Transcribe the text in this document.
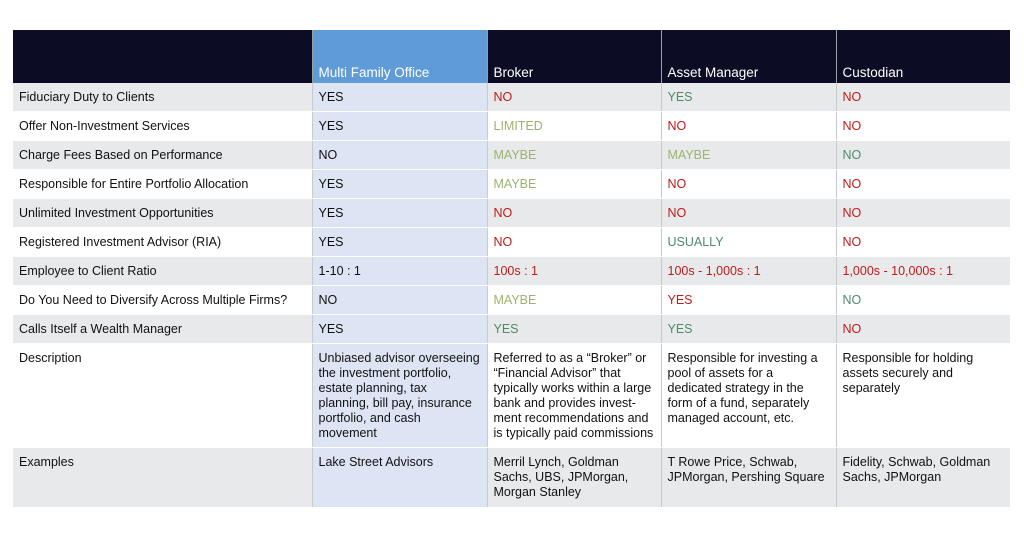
	Multi Family Office	Broker	Asset Manager	Custodian
Fiduciary Duty to Clients	YES	NO	YES	NO
Offer Non-Investment Services	YES	LIMITED	NO	NO
Charge Fees Based on Performance	NO	MAYBE	MAYBE	NO
Responsible for Entire Portfolio Allocation	YES	MAYBE	NO	NO
Unlimited Investment Opportunities	YES	NO	NO	NO
Registered Investment Advisor (RIA)	YES	NO	USUALLY	NO
Employee to Client Ratio	1-10 : 1	100s : 1	100s - 1,000s : 1	1,000s - 10,000s : 1
Do You Need to Diversify Across Multiple Firms?	NO	MAYBE	YES	NO
Calls Itself a Wealth Manager	YES	YES	YES	NO
Description	Unbiased advisor overseeing the investment portfolio, estate planning, tax planning, bill pay, insurance portfolio, and cash movement	Referred to as a “Broker” or “Financial Advisor” that typically works within a large bank and provides invest- ment recommendations and is typically paid commissions	Responsible for investing a pool of assets for a dedicated strategy in the form of a fund, separately managed account, etc.	Responsible for holding assets securely and separately
Examples	Lake Street Advisors	Merril Lynch, Goldman Sachs, UBS, JPMorgan, Morgan Stanley	T Rowe Price, Schwab, JPMorgan, Pershing Square	Fidelity, Schwab, Goldman Sachs, JPMorgan
